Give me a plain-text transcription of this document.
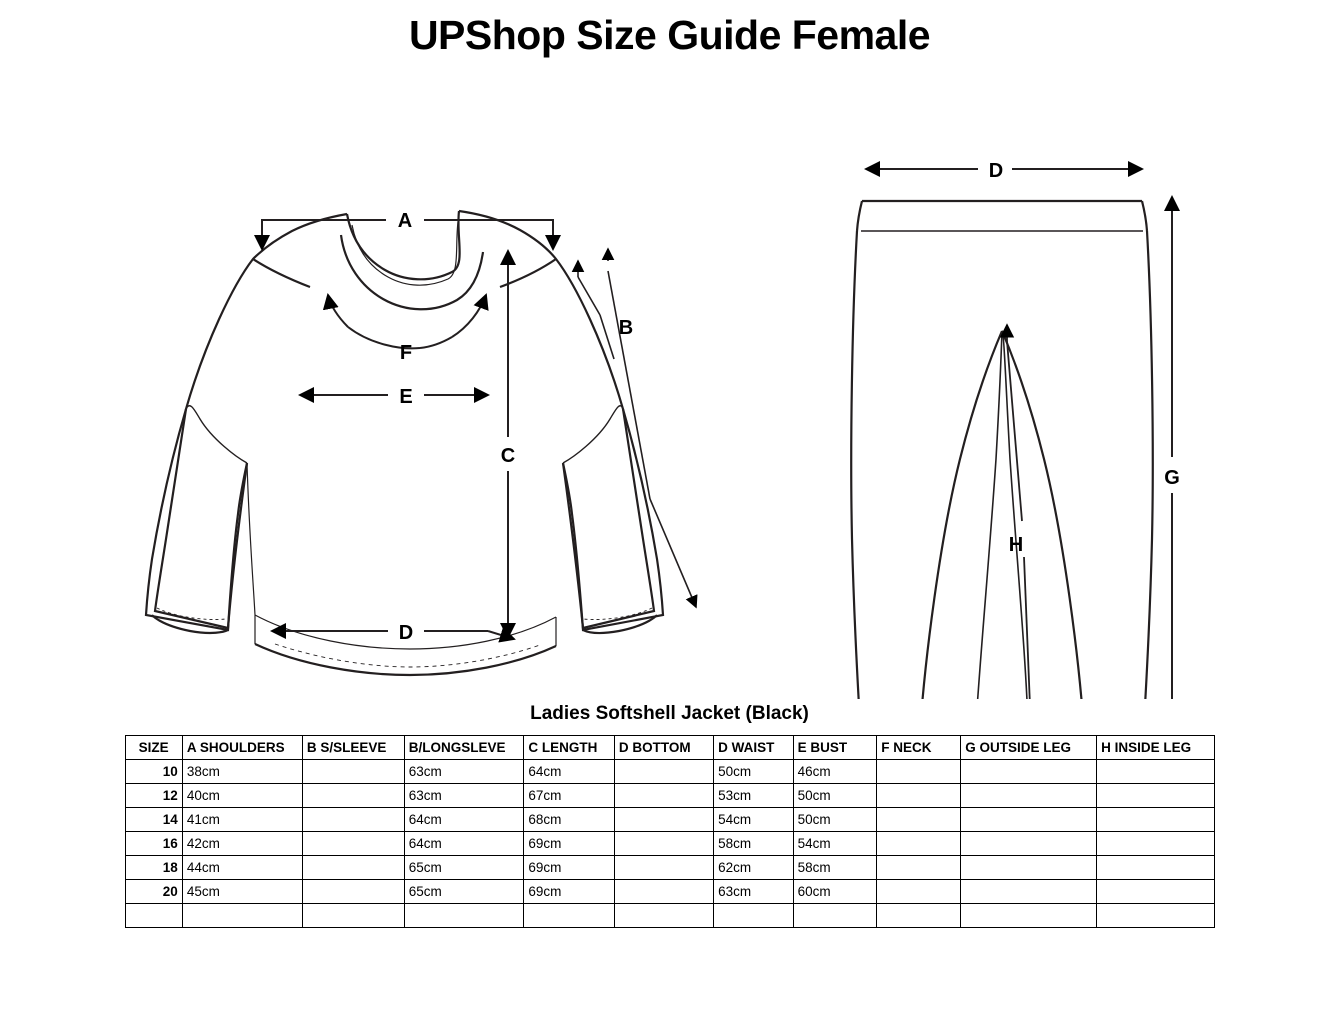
UPShop Size Guide Female
A
B
C
E
F
D
D
G
H
Ladies Softshell Jacket (Black)
SIZE	A SHOULDERS	B S/SLEEVE	B/LONGSLEVE	C LENGTH	D BOTTOM	D WAIST	E BUST	F NECK	G OUTSIDE LEG	H INSIDE LEG
10	38cm		63cm	64cm		50cm	46cm			
12	40cm		63cm	67cm		53cm	50cm			
14	41cm		64cm	68cm		54cm	50cm			
16	42cm		64cm	69cm		58cm	54cm			
18	44cm		65cm	69cm		62cm	58cm			
20	45cm		65cm	69cm		63cm	60cm			
